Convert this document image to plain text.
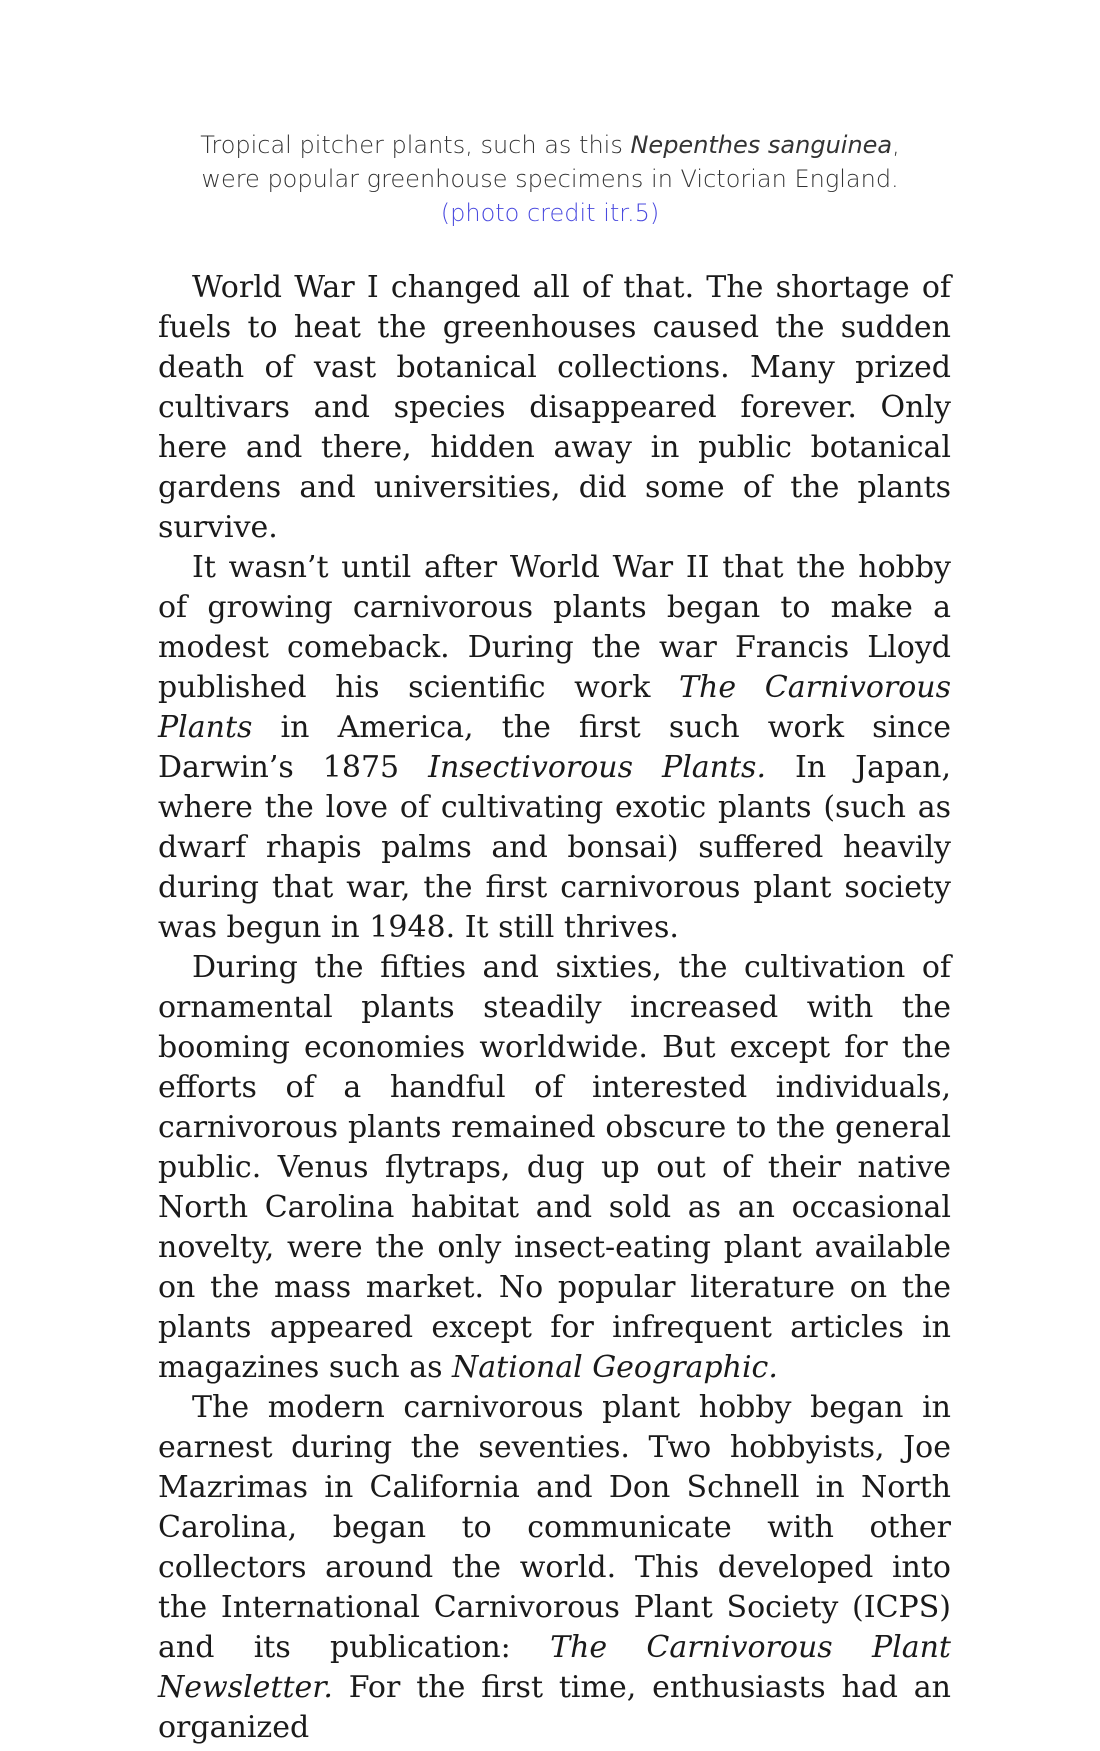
Tropical pitcher plants, such as this Nepenthes sanguinea, were popular greenhouse specimens in Victorian England. (photo credit itr.5)

World War I changed all of that. The shortage of fuels to heat the greenhouses caused the sudden death of vast botanical collections. Many prized cultivars and species disappeared forever. Only here and there, hidden away in public botanical gardens and universities, did some of the plants survive.

It wasn’t until after World War II that the hobby of growing carnivorous plants began to make a modest comeback. During the war Francis Lloyd published his scientific work The Carnivorous Plants in America, the first such work since Darwin’s 1875 Insectivorous Plants. In Japan, where the love of cultivating exotic plants (such as dwarf rhapis palms and bonsai) suffered heavily during that war, the first carnivorous plant society was begun in 1948. It still thrives.

During the fifties and sixties, the cultivation of ornamental plants steadily increased with the booming economies worldwide. But except for the efforts of a handful of interested individuals, carnivorous plants remained obscure to the general public. Venus flytraps, dug up out of their native North Carolina habitat and sold as an occasional novelty, were the only insect-eating plant available on the mass market. No popular literature on the plants appeared except for infrequent articles in magazines such as National Geographic.

The modern carnivorous plant hobby began in earnest during the seventies. Two hobbyists, Joe Mazrimas in California and Don Schnell in North Carolina, began to communicate with other collectors around the world. This developed into the International Carnivorous Plant Society (ICPS) and its publication: The Carnivorous Plant Newsletter. For the first time, enthusiasts had an organized
